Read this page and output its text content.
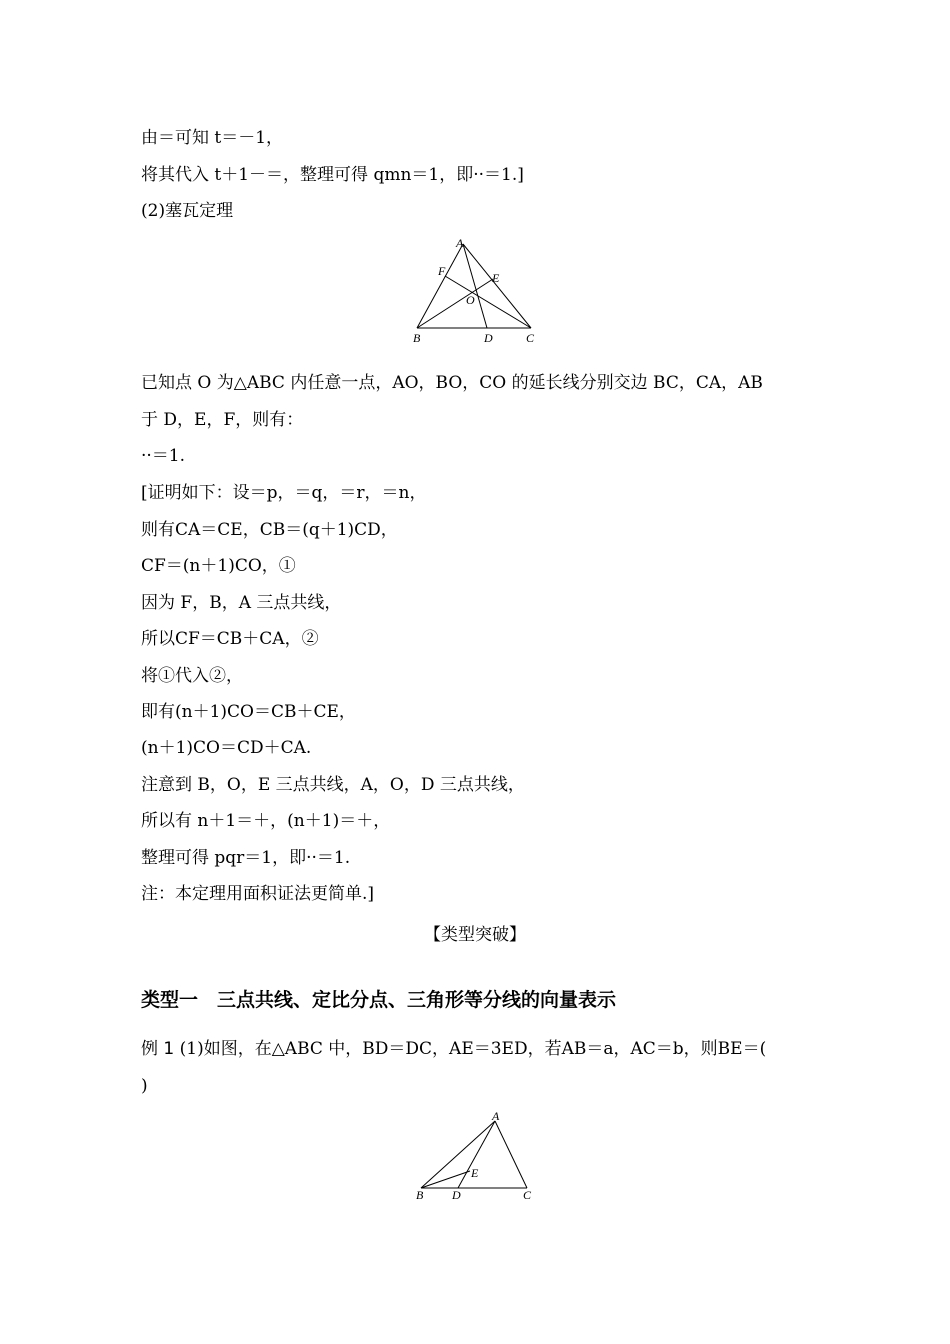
由＝可知 t＝－1，
将其代入 t＋1－＝，整理可得 qmn＝1，即··＝1.]
(2)塞瓦定理
A
F	E
O
B	D	C
已知点 O 为△ABC 内任意一点，AO，BO，CO 的延长线分别交边 BC，CA，AB
于 D，E，F，则有：
··＝1.
[证明如下：设＝p，＝q，＝r，＝n，
则有CA＝CE，CB＝(q＋1)CD，
CF＝(n＋1)CO，①
因为 F，B，A 三点共线，
所以CF＝CB＋CA，②
将①代入②，
即有(n＋1)CO＝CB＋CE，
(n＋1)CO＝CD＋CA.
注意到 B，O，E 三点共线，A，O，D 三点共线，
所以有 n＋1＝＋，(n＋1)＝＋，
整理可得 pqr＝1，即··＝1.
注：本定理用面积证法更简单.]
【类型突破】
类型一　三点共线、定比分点、三角形等分线的向量表示
例 1 (1)如图，在△ABC 中，BD＝DC，AE＝3ED，若AB＝a，AC＝b，则BE＝(
)
A
E
B D	C
